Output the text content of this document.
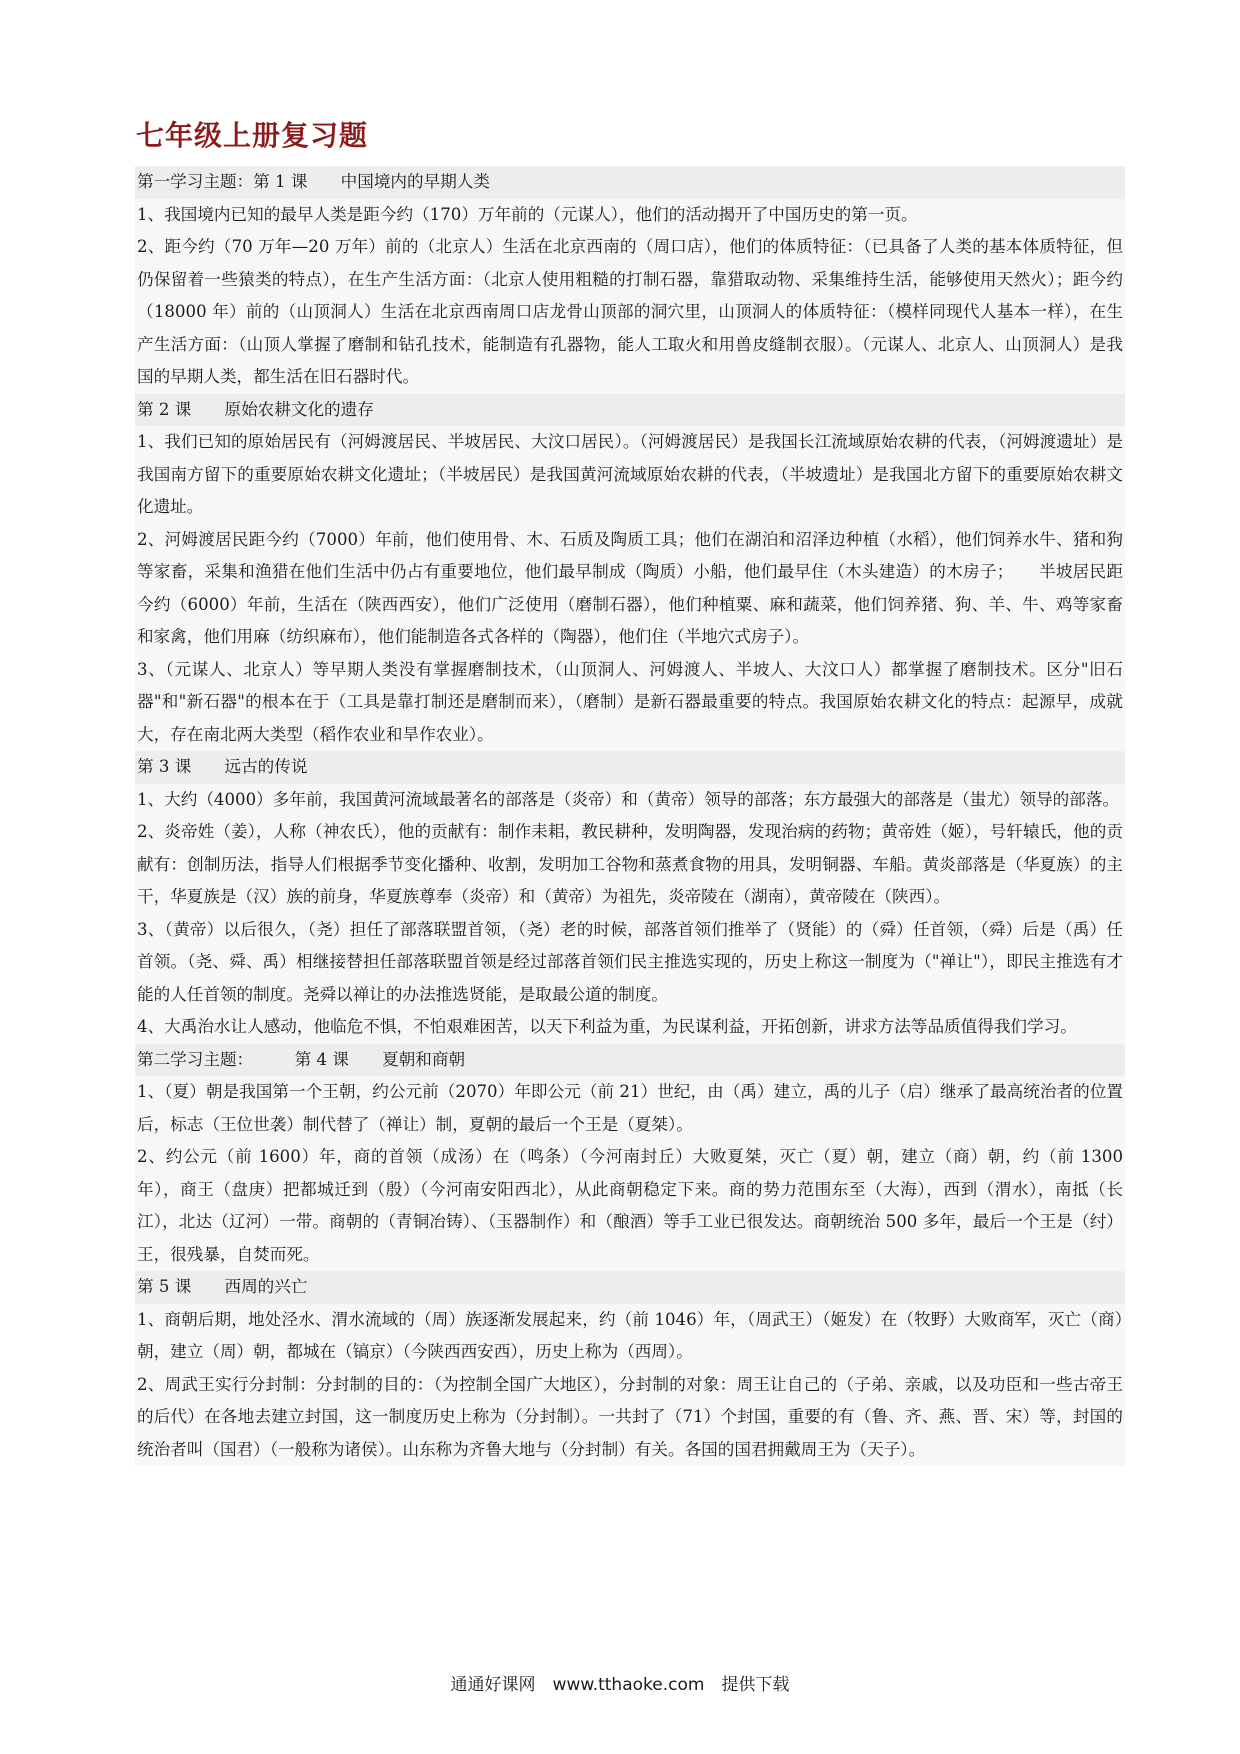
七年级上册复习题

第一学习主题：第 1 课　　中国境内的早期人类

1、我国境内已知的最早人类是距今约（170）万年前的（元谋人），他们的活动揭开了中国历史的第一页。

2、距今约（70 万年—20 万年）前的（北京人）生活在北京西南的（周口店），他们的体质特征：（已具备了人类的基本体质特征，但仍保留着一些猿类的特点），在生产生活方面：（北京人使用粗糙的打制石器，靠猎取动物、采集维持生活，能够使用天然火）；距今约（18000 年）前的（山顶洞人）生活在北京西南周口店龙骨山顶部的洞穴里，山顶洞人的体质特征：（模样同现代人基本一样），在生产生活方面：（山顶人掌握了磨制和钻孔技术，能制造有孔器物，能人工取火和用兽皮缝制衣服）。（元谋人、北京人、山顶洞人）是我国的早期人类，都生活在旧石器时代。

第 2 课　　原始农耕文化的遗存

1、我们已知的原始居民有（河姆渡居民、半坡居民、大汶口居民）。（河姆渡居民）是我国长江流域原始农耕的代表，（河姆渡遗址）是我国南方留下的重要原始农耕文化遗址；（半坡居民）是我国黄河流域原始农耕的代表，（半坡遗址）是我国北方留下的重要原始农耕文化遗址。

2、河姆渡居民距今约（7000）年前，他们使用骨、木、石质及陶质工具；他们在湖泊和沼泽边种植（水稻），他们饲养水牛、猪和狗等家畜，采集和渔猎在他们生活中仍占有重要地位，他们最早制成（陶质）小船，他们最早住（木头建造）的木房子；　　半坡居民距今约（6000）年前，生活在（陕西西安），他们广泛使用（磨制石器），他们种植粟、麻和蔬菜，他们饲养猪、狗、羊、牛、鸡等家畜和家禽，他们用麻（纺织麻布），他们能制造各式各样的（陶器），他们住（半地穴式房子）。

3、（元谋人、北京人）等早期人类没有掌握磨制技术，（山顶洞人、河姆渡人、半坡人、大汶口人）都掌握了磨制技术。区分"旧石器"和"新石器"的根本在于（工具是靠打制还是磨制而来），（磨制）是新石器最重要的特点。我国原始农耕文化的特点：起源早，成就大，存在南北两大类型（稻作农业和旱作农业）。

第 3 课　　远古的传说

1、大约（4000）多年前，我国黄河流域最著名的部落是（炎帝）和（黄帝）领导的部落；东方最强大的部落是（蚩尤）领导的部落。

2、炎帝姓（姜），人称（神农氏），他的贡献有：制作耒耜，教民耕种，发明陶器，发现治病的药物；黄帝姓（姬），号轩辕氏，他的贡献有：创制历法，指导人们根据季节变化播种、收割，发明加工谷物和蒸煮食物的用具，发明铜器、车船。黄炎部落是（华夏族）的主干，华夏族是（汉）族的前身，华夏族尊奉（炎帝）和（黄帝）为祖先，炎帝陵在（湖南），黄帝陵在（陕西）。

3、（黄帝）以后很久，（尧）担任了部落联盟首领，（尧）老的时候，部落首领们推举了（贤能）的（舜）任首领，（舜）后是（禹）任首领。（尧、舜、禹）相继接替担任部落联盟首领是经过部落首领们民主推选实现的，历史上称这一制度为（"禅让"），即民主推选有才能的人任首领的制度。尧舜以禅让的办法推选贤能，是取最公道的制度。

4、大禹治水让人感动，他临危不惧，不怕艰难困苦，以天下利益为重，为民谋利益，开拓创新，讲求方法等品质值得我们学习。

第二学习主题：　　　第 4 课　　夏朝和商朝

1、（夏）朝是我国第一个王朝，约公元前（2070）年即公元（前 21）世纪，由（禹）建立，禹的儿子（启）继承了最高统治者的位置后，标志（王位世袭）制代替了（禅让）制，夏朝的最后一个王是（夏桀）。

2、约公元（前 1600）年，商的首领（成汤）在（鸣条）（今河南封丘）大败夏桀，灭亡（夏）朝，建立（商）朝，约（前 1300 年），商王（盘庚）把都城迁到（殷）（今河南安阳西北），从此商朝稳定下来。商的势力范围东至（大海），西到（渭水），南抵（长江），北达（辽河）一带。商朝的（青铜冶铸）、（玉器制作）和（酿酒）等手工业已很发达。商朝统治 500 多年，最后一个王是（纣）王，很残暴，自焚而死。

第 5 课　　西周的兴亡

1、商朝后期，地处泾水、渭水流域的（周）族逐渐发展起来，约（前 1046）年，（周武王）（姬发）在（牧野）大败商军，灭亡（商）朝，建立（周）朝，都城在（镐京）（今陕西西安西），历史上称为（西周）。

2、周武王实行分封制：分封制的目的：（为控制全国广大地区），分封制的对象：周王让自己的（子弟、亲戚，以及功臣和一些古帝王的后代）在各地去建立封国，这一制度历史上称为（分封制）。一共封了（71）个封国，重要的有（鲁、齐、燕、晋、宋）等，封国的统治者叫（国君）（一般称为诸侯）。山东称为齐鲁大地与（分封制）有关。各国的国君拥戴周王为（天子）。

通通好课网　www.tthaoke.com　提供下载
